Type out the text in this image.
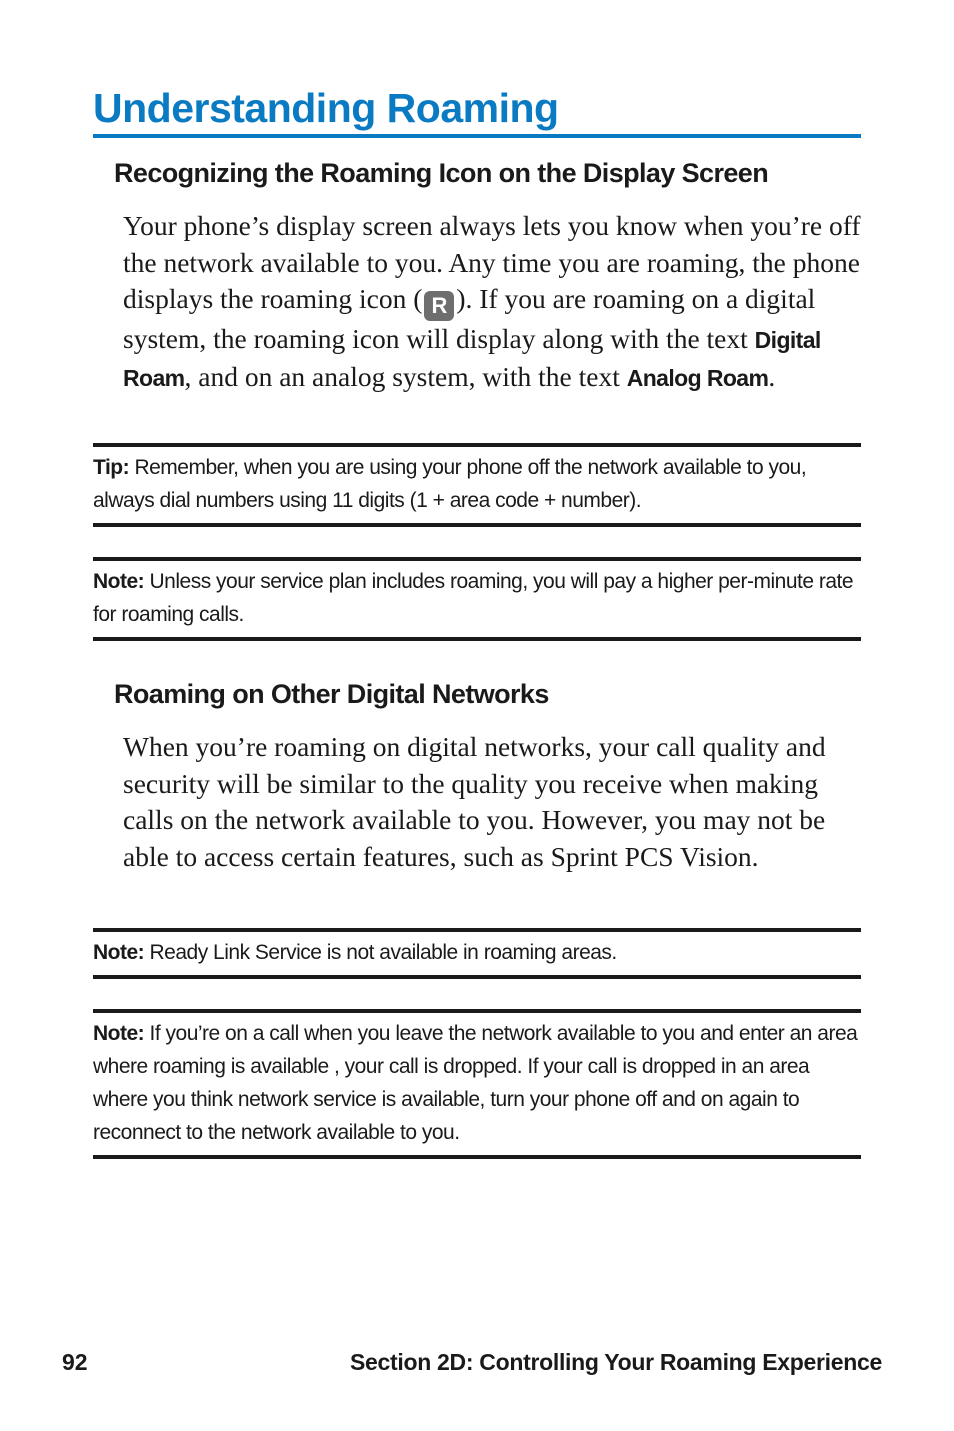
Understanding Roaming
Recognizing the Roaming Icon on the Display Screen

Your phone’s display screen always lets you know when you’re off the network available to you. Any time you are roaming, the phone displays the roaming icon ( R ). If you are roaming on a digital system, the roaming icon will display along with the text Digital Roam, and on an analog system, with the text Analog Roam.

Tip: Remember, when you are using your phone off the network available to you, always dial numbers using 11 digits (1 + area code + number).
Note: Unless your service plan includes roaming, you will pay a higher per-minute rate for roaming calls.
Roaming on Other Digital Networks

When you’re roaming on digital networks, your call quality and security will be similar to the quality you receive when making calls on the network available to you. However, you may not be able to access certain features, such as Sprint PCS Vision.

Note: Ready Link Service is not available in roaming areas.
Note: If you’re on a call when you leave the network available to you and enter an area where roaming is available , your call is dropped. If your call is dropped in an area where you think network service is available, turn your phone off and on again to reconnect to the network available to you.
92	Section 2D: Controlling Your Roaming Experience
